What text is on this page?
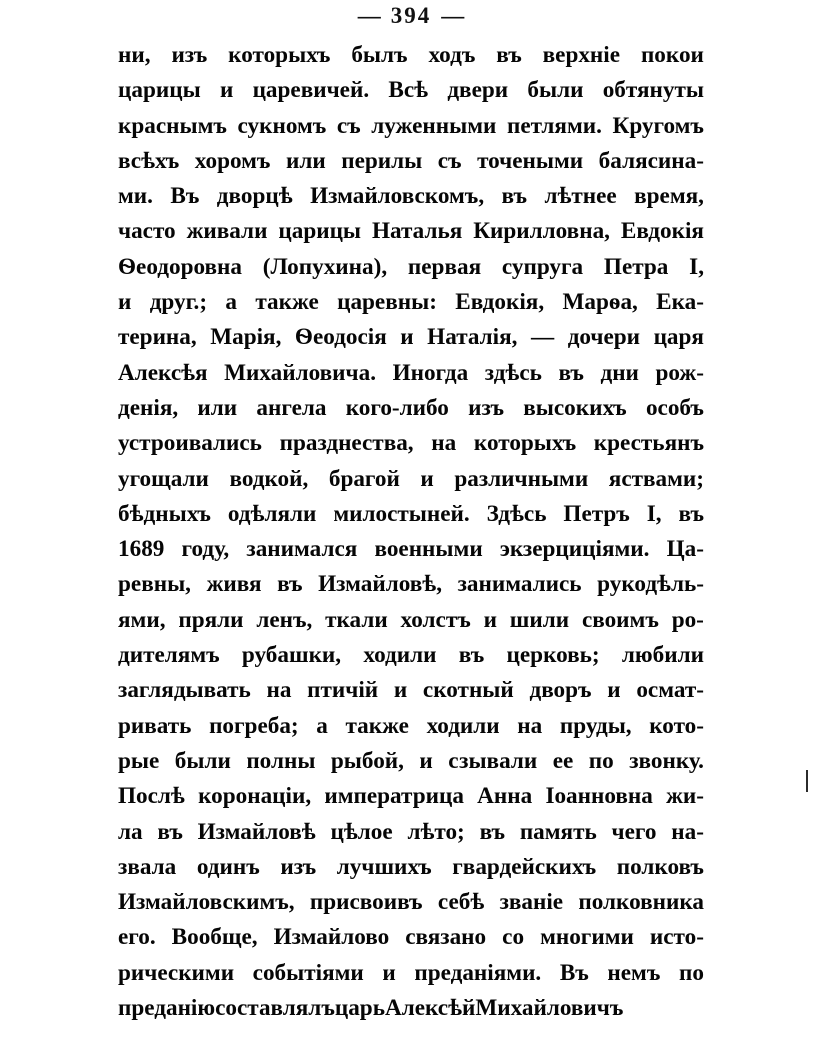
— 394 —
ни, изъ которыхъ былъ ходъ въ верхніе покои
царицы и царевичей. Всѣ двери были обтянуты
краснымъ сукномъ съ луженными петлями. Кругомъ
всѣхъ хоромъ или перилы съ точеными балясина-
ми. Въ дворцѣ Измайловскомъ, въ лѣтнее время,
часто живали царицы Наталья Кирилловна, Евдокія
Ѳеодоровна (Лопухина), первая супруга Петра I,
и друг.; а также царевны: Евдокія, Марѳа, Ека-
терина, Марія, Ѳеодосія и Наталія, — дочери царя
Алексѣя Михайловича. Иногда здѣсь въ дни рож-
денія, или ангела кого-либо изъ высокихъ особъ
устроивались празднества, на которыхъ крестьянъ
угощали водкой, брагой и различными яствами;
бѣдныхъ одѣляли милостыней. Здѣсь Петръ I, въ
1689 году, занимался военными экзерциціями. Ца-
ревны, живя въ Измайловѣ, занимались рукодѣль-
ями, пряли ленъ, ткали холстъ и шили своимъ ро-
дителямъ рубашки, ходили въ церковь; любили
заглядывать на птичій и скотный дворъ и осмат-
ривать погреба; а также ходили на пруды, кото-
рые были полны рыбой, и сзывали ее по звонку.
Послѣ коронаціи, императрица Анна Іоанновна жи-
ла въ Измайловѣ цѣлое лѣто; въ память чего на-
звала одинъ изъ лучшихъ гвардейскихъ полковъ
Измайловскимъ, присвоивъ себѣ званіе полковника
его. Вообще, Измайлово связано со многими исто-
рическими событіями и преданіями. Въ немъ по
преданіюсоставлялъцарьАлексѣйМихайловичъ
